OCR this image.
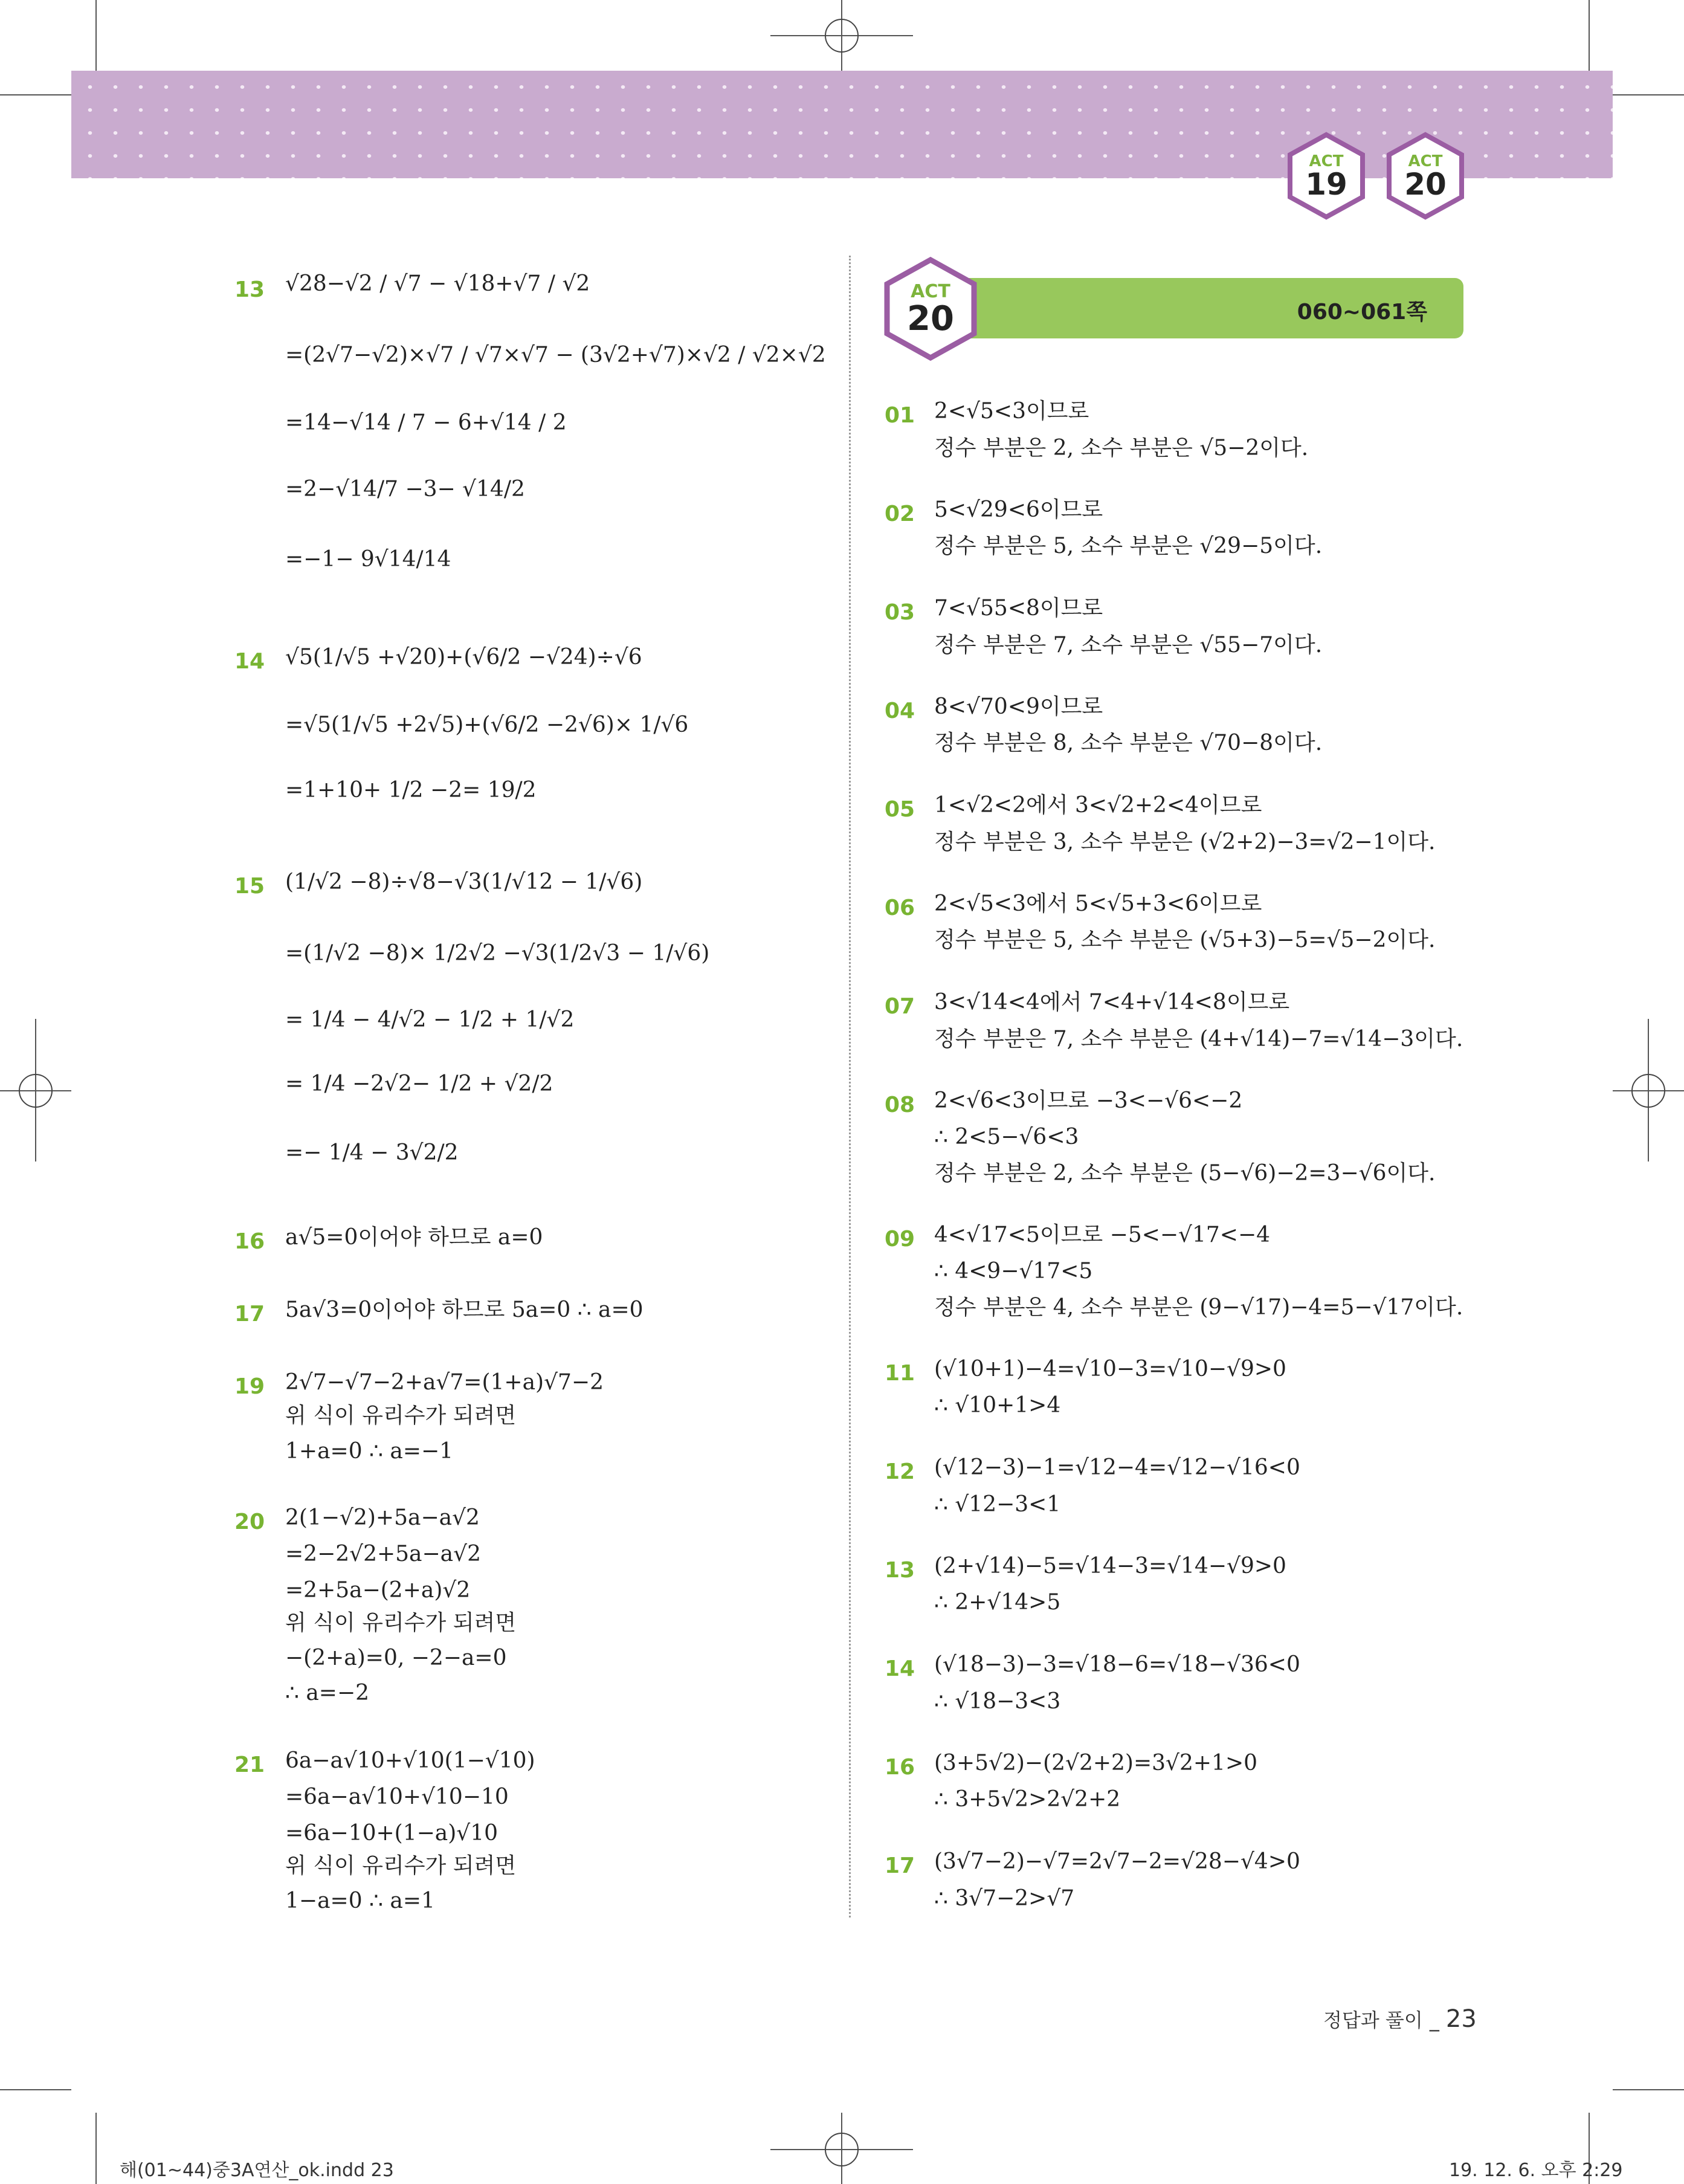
ACT
19
ACT
20
060~061쪽
ACT
20
13 √28−√2 / √7 − √18+√7 / √2
=(2√7−√2)×√7 / √7×√7 − (3√2+√7)×√2 / √2×√2
=14−√14 / 7 − 6+√14 / 2
=2−√14/7 −3− √14/2
=−1− 9√14/14
14 √5(1/√5 +√20)+(√6/2 −√24)÷√6
=√5(1/√5 +2√5)+(√6/2 −2√6)× 1/√6
=1+10+ 1/2 −2= 19/2
15 (1/√2 −8)÷√8−√3(1/√12 − 1/√6)
=(1/√2 −8)× 1/2√2 −√3(1/2√3 − 1/√6)
= 1/4 − 4/√2 − 1/2 + 1/√2
= 1/4 −2√2− 1/2 + √2/2
=− 1/4 − 3√2/2
16 a√5=0이어야 하므로 a=0
17 5a√3=0이어야 하므로 5a=0 ∴ a=0
19 2√7−√7−2+a√7=(1+a)√7−2
위 식이 유리수가 되려면
1+a=0 ∴ a=−1
20 2(1−√2)+5a−a√2
=2−2√2+5a−a√2
=2+5a−(2+a)√2
위 식이 유리수가 되려면
−(2+a)=0, −2−a=0
∴ a=−2
21 6a−a√10+√10(1−√10)
=6a−a√10+√10−10
=6a−10+(1−a)√10
위 식이 유리수가 되려면
1−a=0 ∴ a=1
01 2<√5<3이므로
정수 부분은 2, 소수 부분은 √5−2이다.
02 5<√29<6이므로
정수 부분은 5, 소수 부분은 √29−5이다.
03 7<√55<8이므로
정수 부분은 7, 소수 부분은 √55−7이다.
04 8<√70<9이므로
정수 부분은 8, 소수 부분은 √70−8이다.
05 1<√2<2에서 3<√2+2<4이므로
정수 부분은 3, 소수 부분은 (√2+2)−3=√2−1이다.
06 2<√5<3에서 5<√5+3<6이므로
정수 부분은 5, 소수 부분은 (√5+3)−5=√5−2이다.
07 3<√14<4에서 7<4+√14<8이므로
정수 부분은 7, 소수 부분은 (4+√14)−7=√14−3이다.
08 2<√6<3이므로 −3<−√6<−2
∴ 2<5−√6<3
정수 부분은 2, 소수 부분은 (5−√6)−2=3−√6이다.
09 4<√17<5이므로 −5<−√17<−4
∴ 4<9−√17<5
정수 부분은 4, 소수 부분은 (9−√17)−4=5−√17이다.
11 (√10+1)−4=√10−3=√10−√9>0
∴ √10+1>4
12 (√12−3)−1=√12−4=√12−√16<0
∴ √12−3<1
13 (2+√14)−5=√14−3=√14−√9>0
∴ 2+√14>5
14 (√18−3)−3=√18−6=√18−√36<0
∴ √18−3<3
16 (3+5√2)−(2√2+2)=3√2+1>0
∴ 3+5√2>2√2+2
17 (3√7−2)−√7=2√7−2=√28−√4>0
∴ 3√7−2>√7
정답과 풀이 _ 23
해(01~44)중3A연산_ok.indd 23	19. 12. 6. 오후 2:29
